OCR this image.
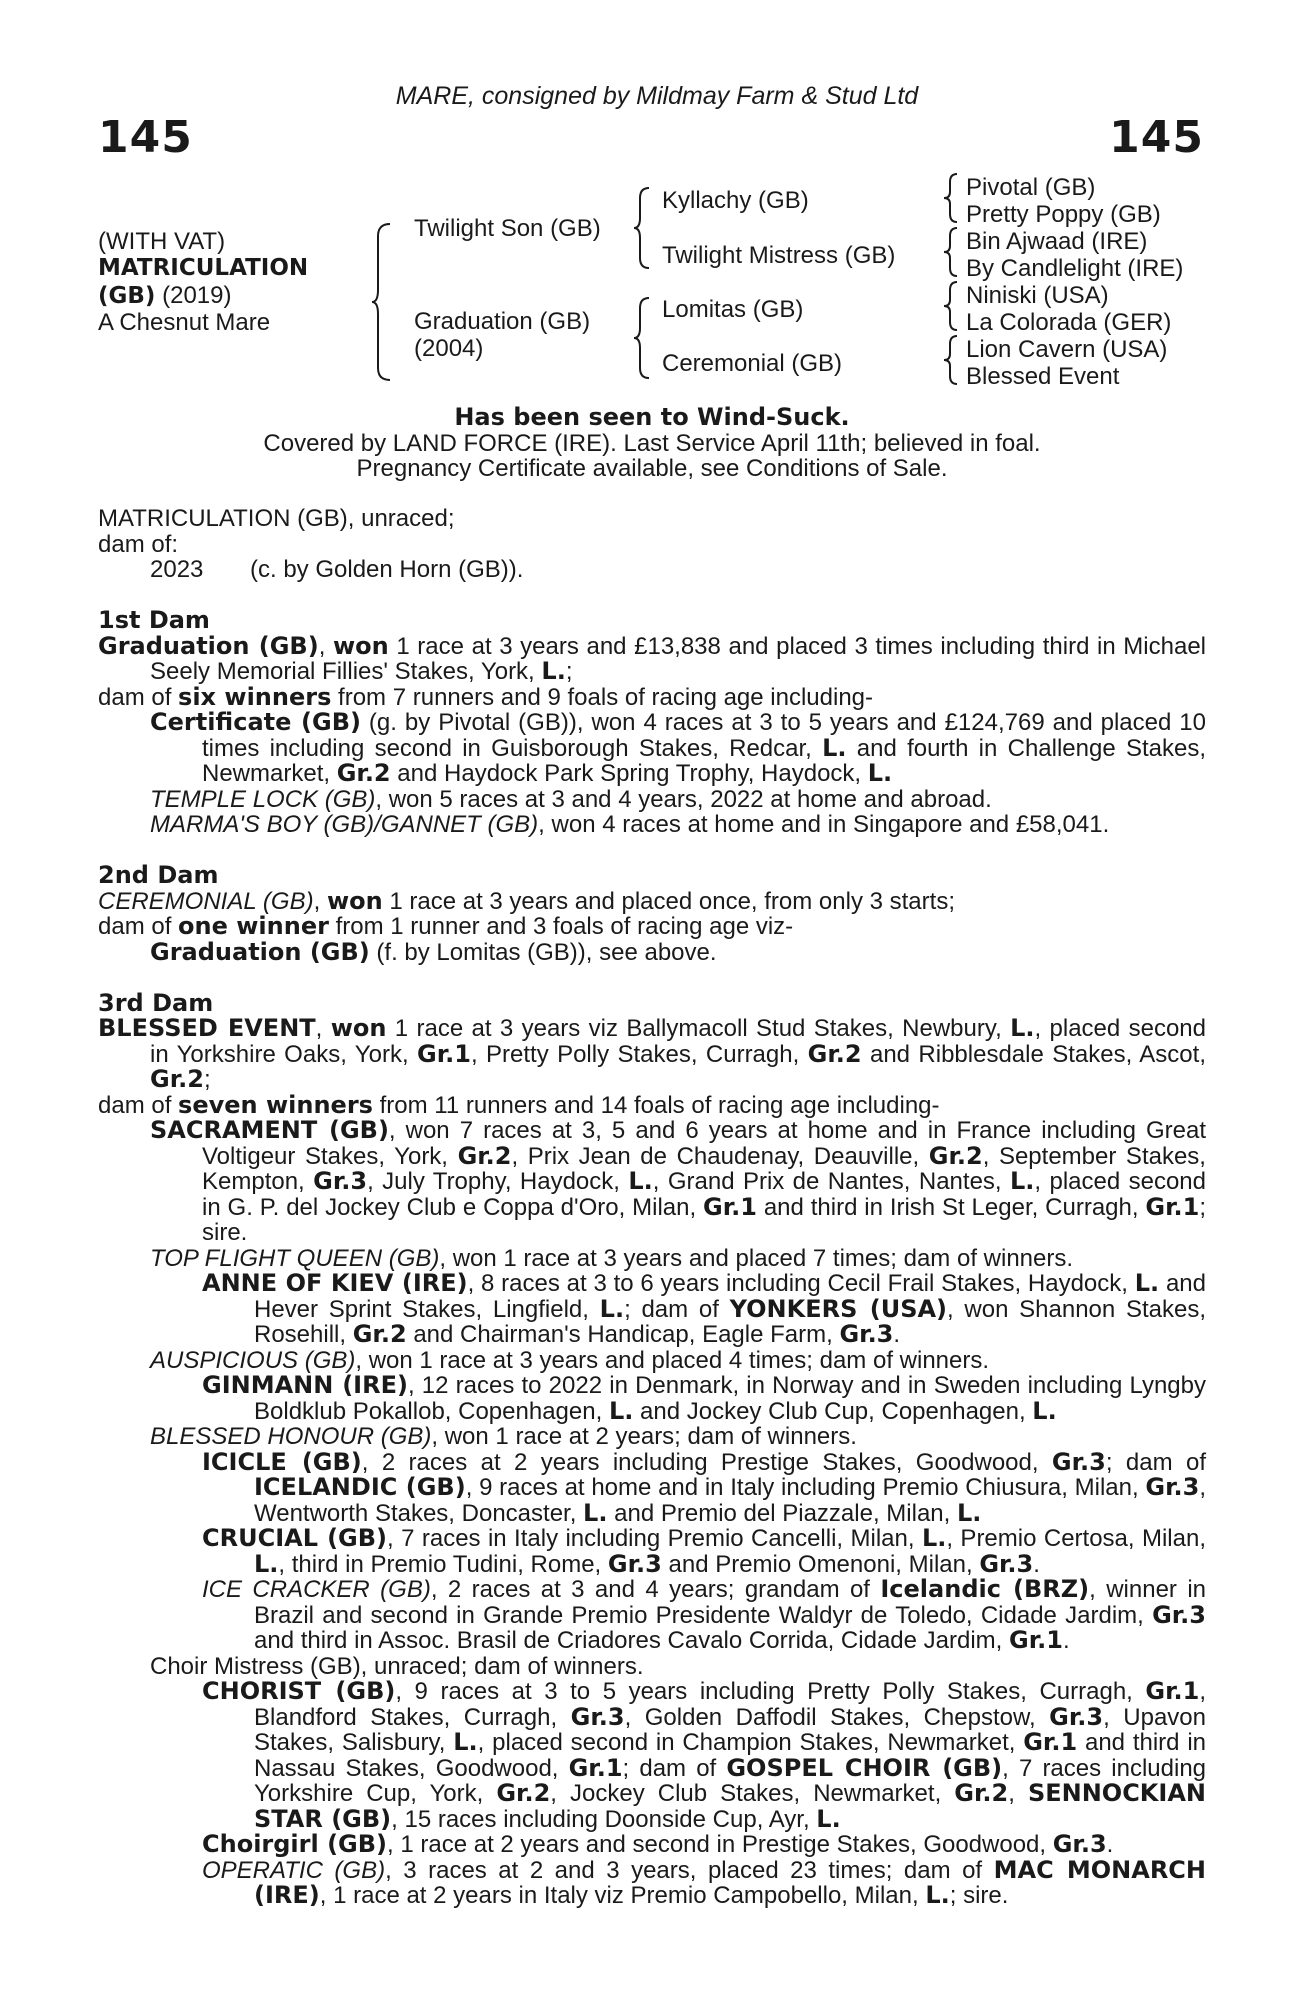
MARE, consigned by Mildmay Farm & Stud Ltd
145	145
(WITH VAT)
MATRICULATION
(GB) (2019)
A Chesnut Mare
Twilight Son (GB)
Graduation (GB)
(2004)
Kyllachy (GB)
Twilight Mistress (GB)
Lomitas (GB)
Ceremonial (GB)
Pivotal (GB)
Pretty Poppy (GB)
Bin Ajwaad (IRE)
By Candlelight (IRE)
Niniski (USA)
La Colorada (GER)
Lion Cavern (USA)
Blessed Event
Has been seen to Wind-Suck.
Covered by LAND FORCE (IRE). Last Service April 11th; believed in foal.
Pregnancy Certificate available, see Conditions of Sale.
MATRICULATION (GB), unraced;
dam of:
2023 (c. by Golden Horn (GB)).
1st Dam

Graduation (GB), won 1 race at 3 years and £13,838 and placed 3 times including third in Michael Seely Memorial Fillies' Stakes, York, L.;

dam of six winners from 7 runners and 9 foals of racing age including-

Certificate (GB) (g. by Pivotal (GB)), won 4 races at 3 to 5 years and £124,769 and placed 10 times including second in Guisborough Stakes, Redcar, L. and fourth in Challenge Stakes, Newmarket, Gr.2 and Haydock Park Spring Trophy, Haydock, L.

TEMPLE LOCK (GB), won 5 races at 3 and 4 years, 2022 at home and abroad.

MARMA'S BOY (GB)/GANNET (GB), won 4 races at home and in Singapore and £58,041.

2nd Dam

CEREMONIAL (GB), won 1 race at 3 years and placed once, from only 3 starts;

dam of one winner from 1 runner and 3 foals of racing age viz-

Graduation (GB) (f. by Lomitas (GB)), see above.

3rd Dam

BLESSED EVENT, won 1 race at 3 years viz Ballymacoll Stud Stakes, Newbury, L., placed second in Yorkshire Oaks, York, Gr.1, Pretty Polly Stakes, Curragh, Gr.2 and Ribblesdale Stakes, Ascot, Gr.2;

dam of seven winners from 11 runners and 14 foals of racing age including-

SACRAMENT (GB), won 7 races at 3, 5 and 6 years at home and in France including Great Voltigeur Stakes, York, Gr.2, Prix Jean de Chaudenay, Deauville, Gr.2, September Stakes, Kempton, Gr.3, July Trophy, Haydock, L., Grand Prix de Nantes, Nantes, L., placed second in G. P. del Jockey Club e Coppa d'Oro, Milan, Gr.1 and third in Irish St Leger, Curragh, Gr.1; sire.

TOP FLIGHT QUEEN (GB), won 1 race at 3 years and placed 7 times; dam of winners.

ANNE OF KIEV (IRE), 8 races at 3 to 6 years including Cecil Frail Stakes, Haydock, L. and Hever Sprint Stakes, Lingfield, L.; dam of YONKERS (USA), won Shannon Stakes, Rosehill, Gr.2 and Chairman's Handicap, Eagle Farm, Gr.3.

AUSPICIOUS (GB), won 1 race at 3 years and placed 4 times; dam of winners.

GINMANN (IRE), 12 races to 2022 in Denmark, in Norway and in Sweden including Lyngby Boldklub Pokallob, Copenhagen, L. and Jockey Club Cup, Copenhagen, L.

BLESSED HONOUR (GB), won 1 race at 2 years; dam of winners.

ICICLE (GB), 2 races at 2 years including Prestige Stakes, Goodwood, Gr.3; dam of ICELANDIC (GB), 9 races at home and in Italy including Premio Chiusura, Milan, Gr.3, Wentworth Stakes, Doncaster, L. and Premio del Piazzale, Milan, L.

CRUCIAL (GB), 7 races in Italy including Premio Cancelli, Milan, L., Premio Certosa, Milan, L., third in Premio Tudini, Rome, Gr.3 and Premio Omenoni, Milan, Gr.3.

ICE CRACKER (GB), 2 races at 3 and 4 years; grandam of Icelandic (BRZ), winner in Brazil and second in Grande Premio Presidente Waldyr de Toledo, Cidade Jardim, Gr.3 and third in Assoc. Brasil de Criadores Cavalo Corrida, Cidade Jardim, Gr.1.

Choir Mistress (GB), unraced; dam of winners.

CHORIST (GB), 9 races at 3 to 5 years including Pretty Polly Stakes, Curragh, Gr.1, Blandford Stakes, Curragh, Gr.3, Golden Daffodil Stakes, Chepstow, Gr.3, Upavon Stakes, Salisbury, L., placed second in Champion Stakes, Newmarket, Gr.1 and third in Nassau Stakes, Goodwood, Gr.1; dam of GOSPEL CHOIR (GB), 7 races including Yorkshire Cup, York, Gr.2, Jockey Club Stakes, Newmarket, Gr.2, SENNOCKIAN STAR (GB), 15 races including Doonside Cup, Ayr, L.

Choirgirl (GB), 1 race at 2 years and second in Prestige Stakes, Goodwood, Gr.3.

OPERATIC (GB), 3 races at 2 and 3 years, placed 23 times; dam of MAC MONARCH (IRE), 1 race at 2 years in Italy viz Premio Campobello, Milan, L.; sire.
